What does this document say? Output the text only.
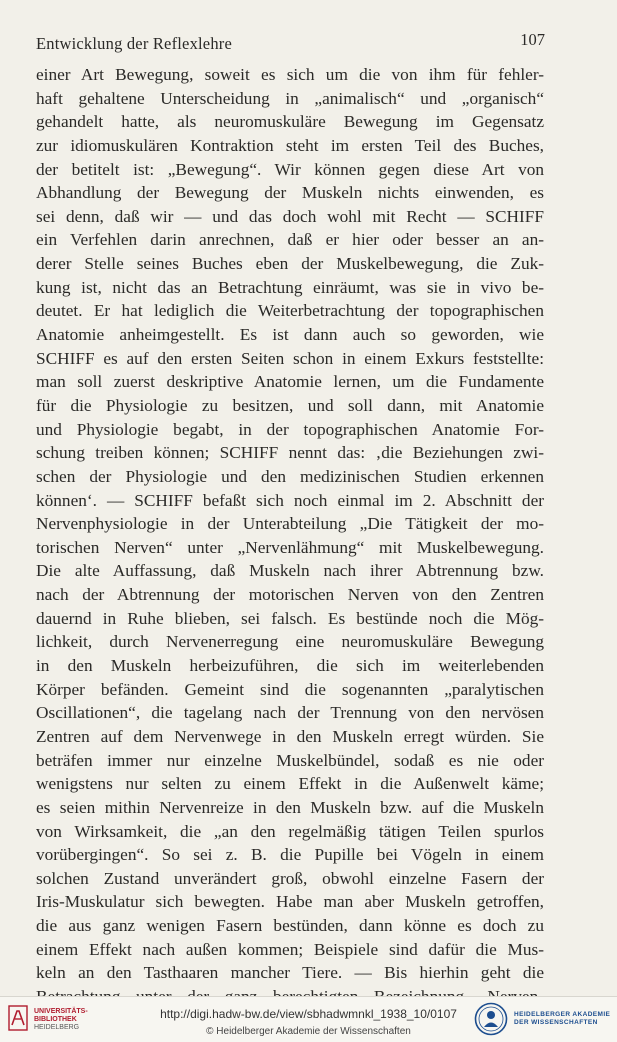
Entwicklung der Reflexlehre	107
einer Art Bewegung, soweit es sich um die von ihm für fehler-
haft gehaltene Unterscheidung in „animalisch“ und „organisch“
gehandelt hatte, als neuromuskuläre Bewegung im Gegensatz
zur idiomuskulären Kontraktion steht im ersten Teil des Buches,
der betitelt ist: „Bewegung“. Wir können gegen diese Art von
Abhandlung der Bewegung der Muskeln nichts einwenden, es
sei denn, daß wir — und das doch wohl mit Recht — SCHIFF
ein Verfehlen darin anrechnen, daß er hier oder besser an an-
derer Stelle seines Buches eben der Muskelbewegung, die Zuk-
kung ist, nicht das an Betrachtung einräumt, was sie in vivo be-
deutet. Er hat lediglich die Weiterbetrachtung der topographischen
Anatomie anheimgestellt. Es ist dann auch so geworden, wie
SCHIFF es auf den ersten Seiten schon in einem Exkurs feststellte:
man soll zuerst deskriptive Anatomie lernen, um die Fundamente
für die Physiologie zu besitzen, und soll dann, mit Anatomie
und Physiologie begabt, in der topographischen Anatomie For-
schung treiben können; SCHIFF nennt das: ‚die Beziehungen zwi-
schen der Physiologie und den medizinischen Studien erkennen
können‘. — SCHIFF befaßt sich noch einmal im 2. Abschnitt der
Nervenphysiologie in der Unterabteilung „Die Tätigkeit der mo-
torischen Nerven“ unter „Nervenlähmung“ mit Muskelbewegung.
Die alte Auffassung, daß Muskeln nach ihrer Abtrennung bzw.
nach der Abtrennung der motorischen Nerven von den Zentren
dauernd in Ruhe blieben, sei falsch. Es bestünde noch die Mög-
lichkeit, durch Nervenerregung eine neuromuskuläre Bewegung
in den Muskeln herbeizuführen, die sich im weiterlebenden
Körper befänden. Gemeint sind die sogenannten „paralytischen
Oscillationen“, die tagelang nach der Trennung von den nervösen
Zentren auf dem Nervenwege in den Muskeln erregt würden. Sie
beträfen immer nur einzelne Muskelbündel, sodaß es nie oder
wenigstens nur selten zu einem Effekt in die Außenwelt käme;
es seien mithin Nervenreize in den Muskeln bzw. auf die Muskeln
von Wirksamkeit, die „an den regelmäßig tätigen Teilen spurlos
vorübergingen“. So sei z. B. die Pupille bei Vögeln in einem
solchen Zustand unverändert groß, obwohl einzelne Fasern der
Iris-Muskulatur sich bewegten. Habe man aber Muskeln getroffen,
die aus ganz wenigen Fasern bestünden, dann könne es doch zu
einem Effekt nach außen kommen; Beispiele sind dafür die Mus-
keln an den Tasthaaren mancher Tiere. — Bis hierhin geht die
UNIVERSITÄTS-
BIBLIOTHEK
HEIDELBERG
http://digi.hadw-bw.de/view/sbhadwmnkl_1938_10/0107
© Heidelberger Akademie der Wissenschaften
HEIDELBERGER AKADEMIE
DER WISSENSCHAFTEN
